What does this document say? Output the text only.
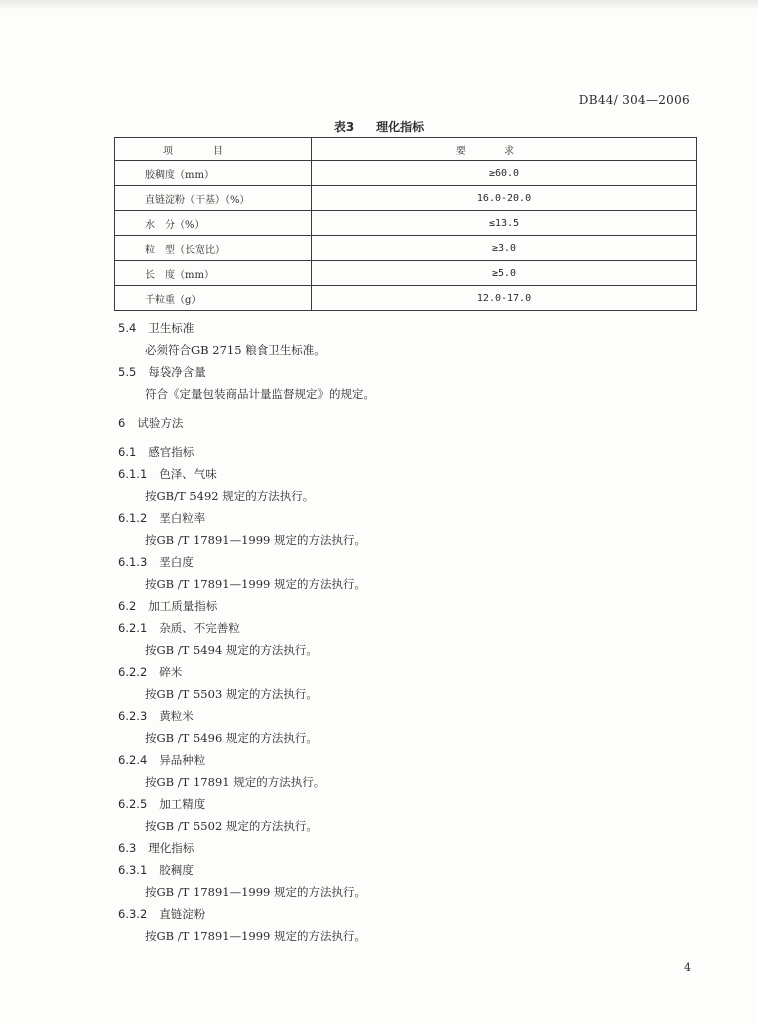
DB44/ 304—2006
表3 理化指标
项目	要求
胶稠度（mm）	≥60.0
直链淀粉（干基）（%）	16.0-20.0
水　分（%）	≤13.5
粒　型（长宽比）	≥3.0
长　度（mm）	≥5.0
千粒重（g）	12.0-17.0
5.4 卫生标准
必须符合GB 2715 粮食卫生标准。
5.5 每袋净含量
符合《定量包装商品计量监督规定》的规定。
6 试验方法
6.1 感官指标
6.1.1 色泽、气味
按GB/T 5492 规定的方法执行。
6.1.2 垩白粒率
按GB /T 17891—1999 规定的方法执行。
6.1.3 垩白度
按GB /T 17891—1999 规定的方法执行。
6.2 加工质量指标
6.2.1 杂质、不完善粒
按GB /T 5494 规定的方法执行。
6.2.2 碎米
按GB /T 5503 规定的方法执行。
6.2.3 黄粒米
按GB /T 5496 规定的方法执行。
6.2.4 异品种粒
按GB /T 17891 规定的方法执行。
6.2.5 加工精度
按GB /T 5502 规定的方法执行。
6.3 理化指标
6.3.1 胶稠度
按GB /T 17891—1999 规定的方法执行。
6.3.2 直链淀粉
按GB /T 17891—1999 规定的方法执行。
4
